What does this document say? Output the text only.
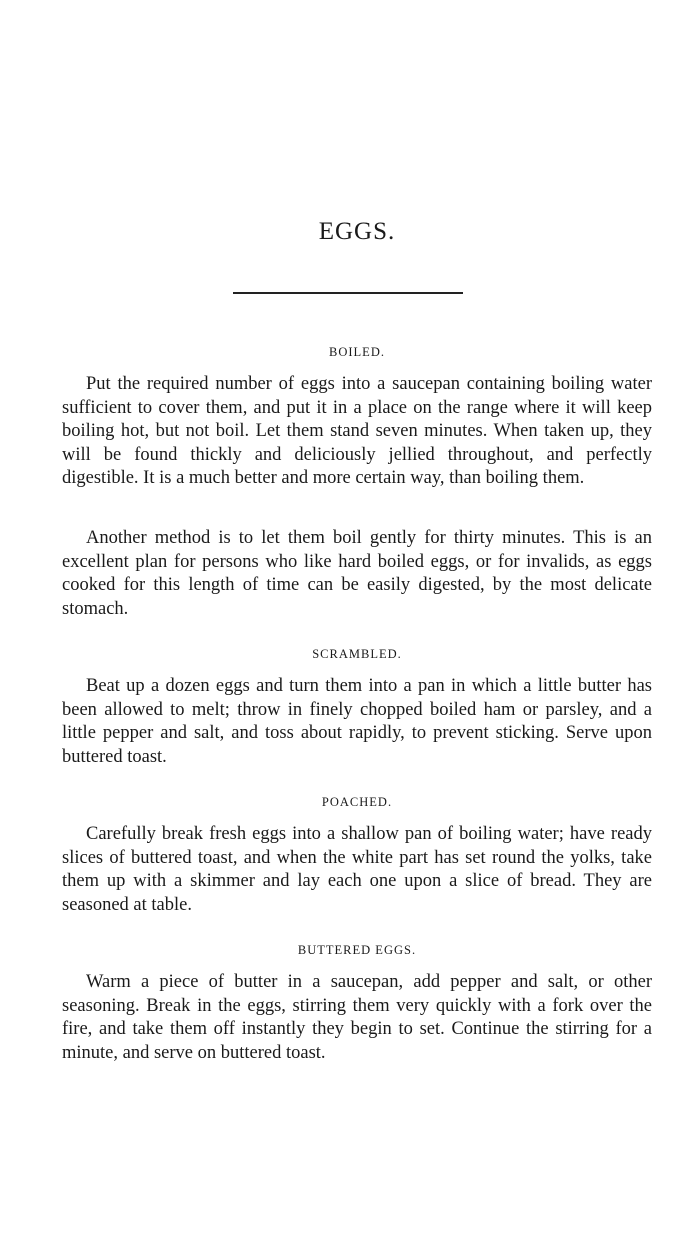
EGGS.
BOILED.

Put the required number of eggs into a saucepan containing boiling water sufficient to cover them, and put it in a place on the range where it will keep boiling hot, but not boil. Let them stand seven minutes. When taken up, they will be found thickly and deliciously jellied throughout, and perfectly digestible. It is a much better and more certain way, than boiling them.

Another method is to let them boil gently for thirty minutes. This is an excellent plan for persons who like hard boiled eggs, or for invalids, as eggs cooked for this length of time can be easily digested, by the most delicate stomach.

SCRAMBLED.

Beat up a dozen eggs and turn them into a pan in which a little butter has been allowed to melt; throw in finely chopped boiled ham or parsley, and a little pepper and salt, and toss about rapidly, to prevent sticking. Serve upon buttered toast.

POACHED.

Carefully break fresh eggs into a shallow pan of boiling water; have ready slices of buttered toast, and when the white part has set round the yolks, take them up with a skimmer and lay each one upon a slice of bread. They are seasoned at table.

BUTTERED EGGS.

Warm a piece of butter in a saucepan, add pepper and salt, or other seasoning. Break in the eggs, stirring them very quickly with a fork over the fire, and take them off instantly they begin to set. Continue the stirring for a minute, and serve on buttered toast.
